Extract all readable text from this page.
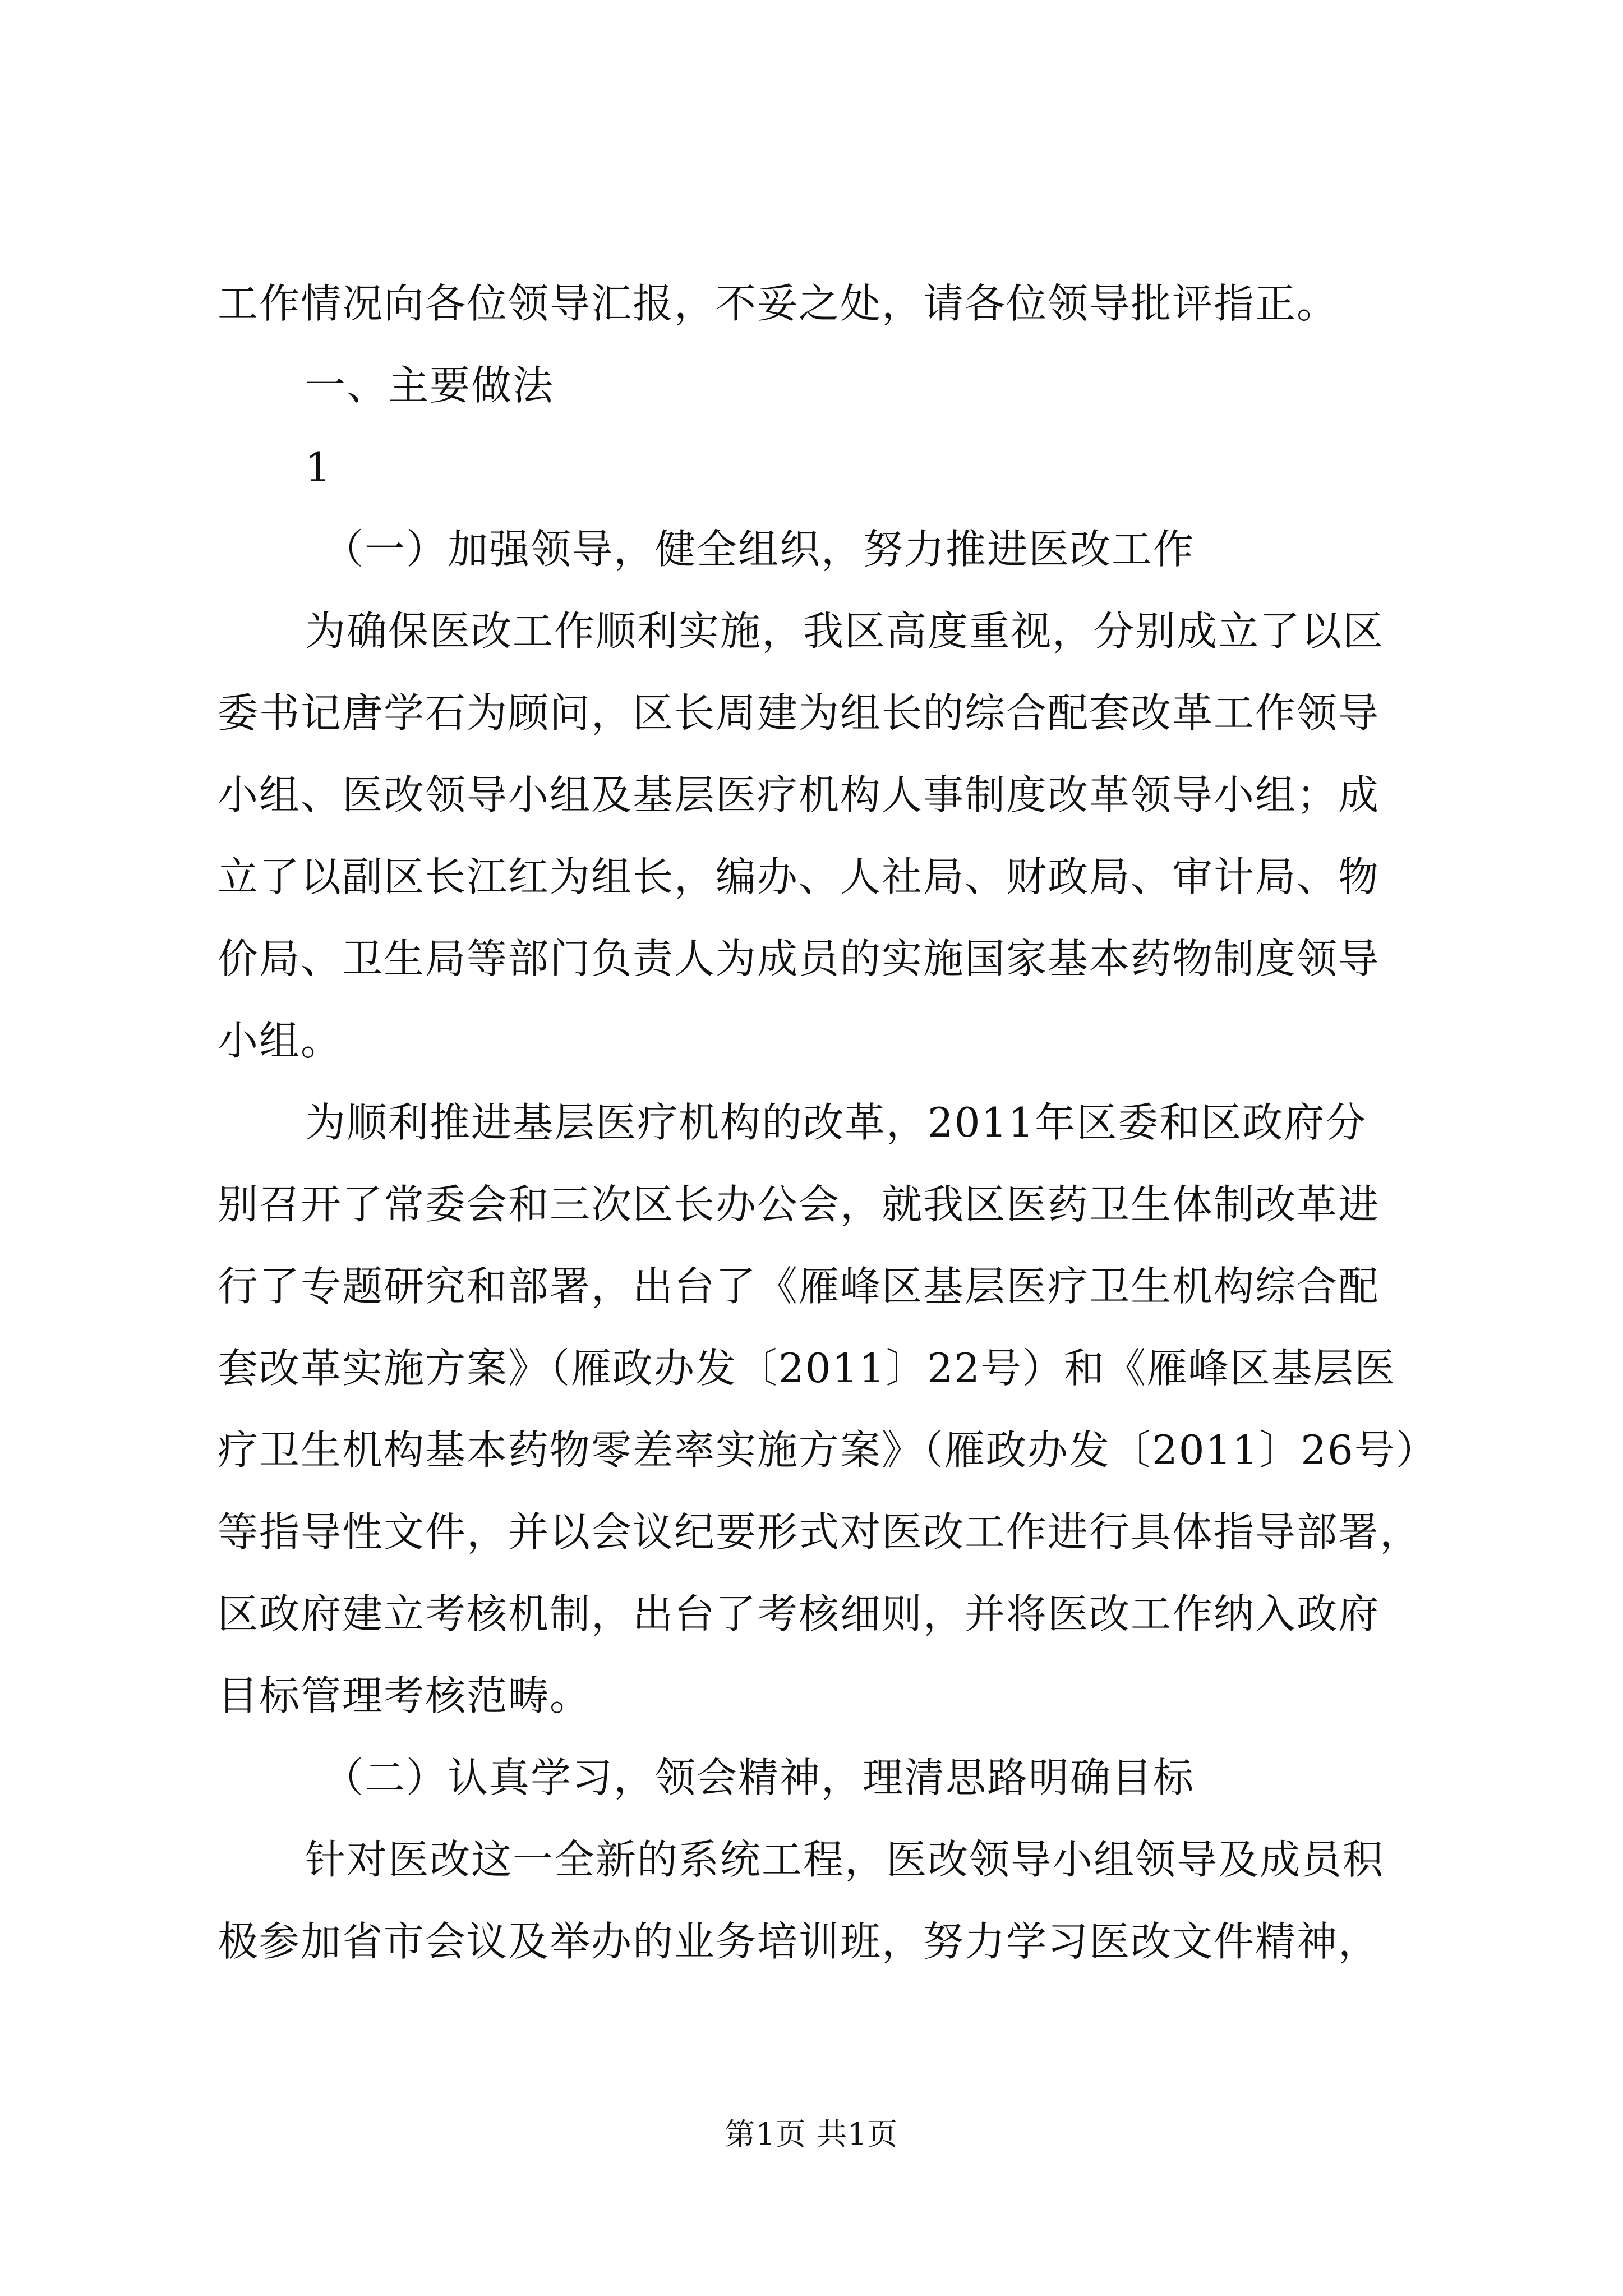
工作情况向各位领导汇报，不妥之处，请各位领导批评指正。
一、主要做法
1
（一）加强领导，健全组织，努力推进医改工作
为确保医改工作顺利实施，我区高度重视，分别成立了以区
委书记唐学石为顾问，区长周建为组长的综合配套改革工作领导
小组、医改领导小组及基层医疗机构人事制度改革领导小组；成
立了以副区长江红为组长，编办、人社局、财政局、审计局、物
价局、卫生局等部门负责人为成员的实施国家基本药物制度领导
小组。
为顺利推进基层医疗机构的改革，2011年区委和区政府分
别召开了常委会和三次区长办公会，就我区医药卫生体制改革进
行了专题研究和部署，出台了《雁峰区基层医疗卫生机构综合配
套改革实施方案》（雁政办发〔2011〕22号）和《雁峰区基层医
疗卫生机构基本药物零差率实施方案》（雁政办发〔2011〕26号）
等指导性文件，并以会议纪要形式对医改工作进行具体指导部署，
区政府建立考核机制，出台了考核细则，并将医改工作纳入政府
目标管理考核范畴。
（二）认真学习，领会精神，理清思路明确目标
针对医改这一全新的系统工程，医改领导小组领导及成员积
极参加省市会议及举办的业务培训班，努力学习医改文件精神，
第1页 共1页
